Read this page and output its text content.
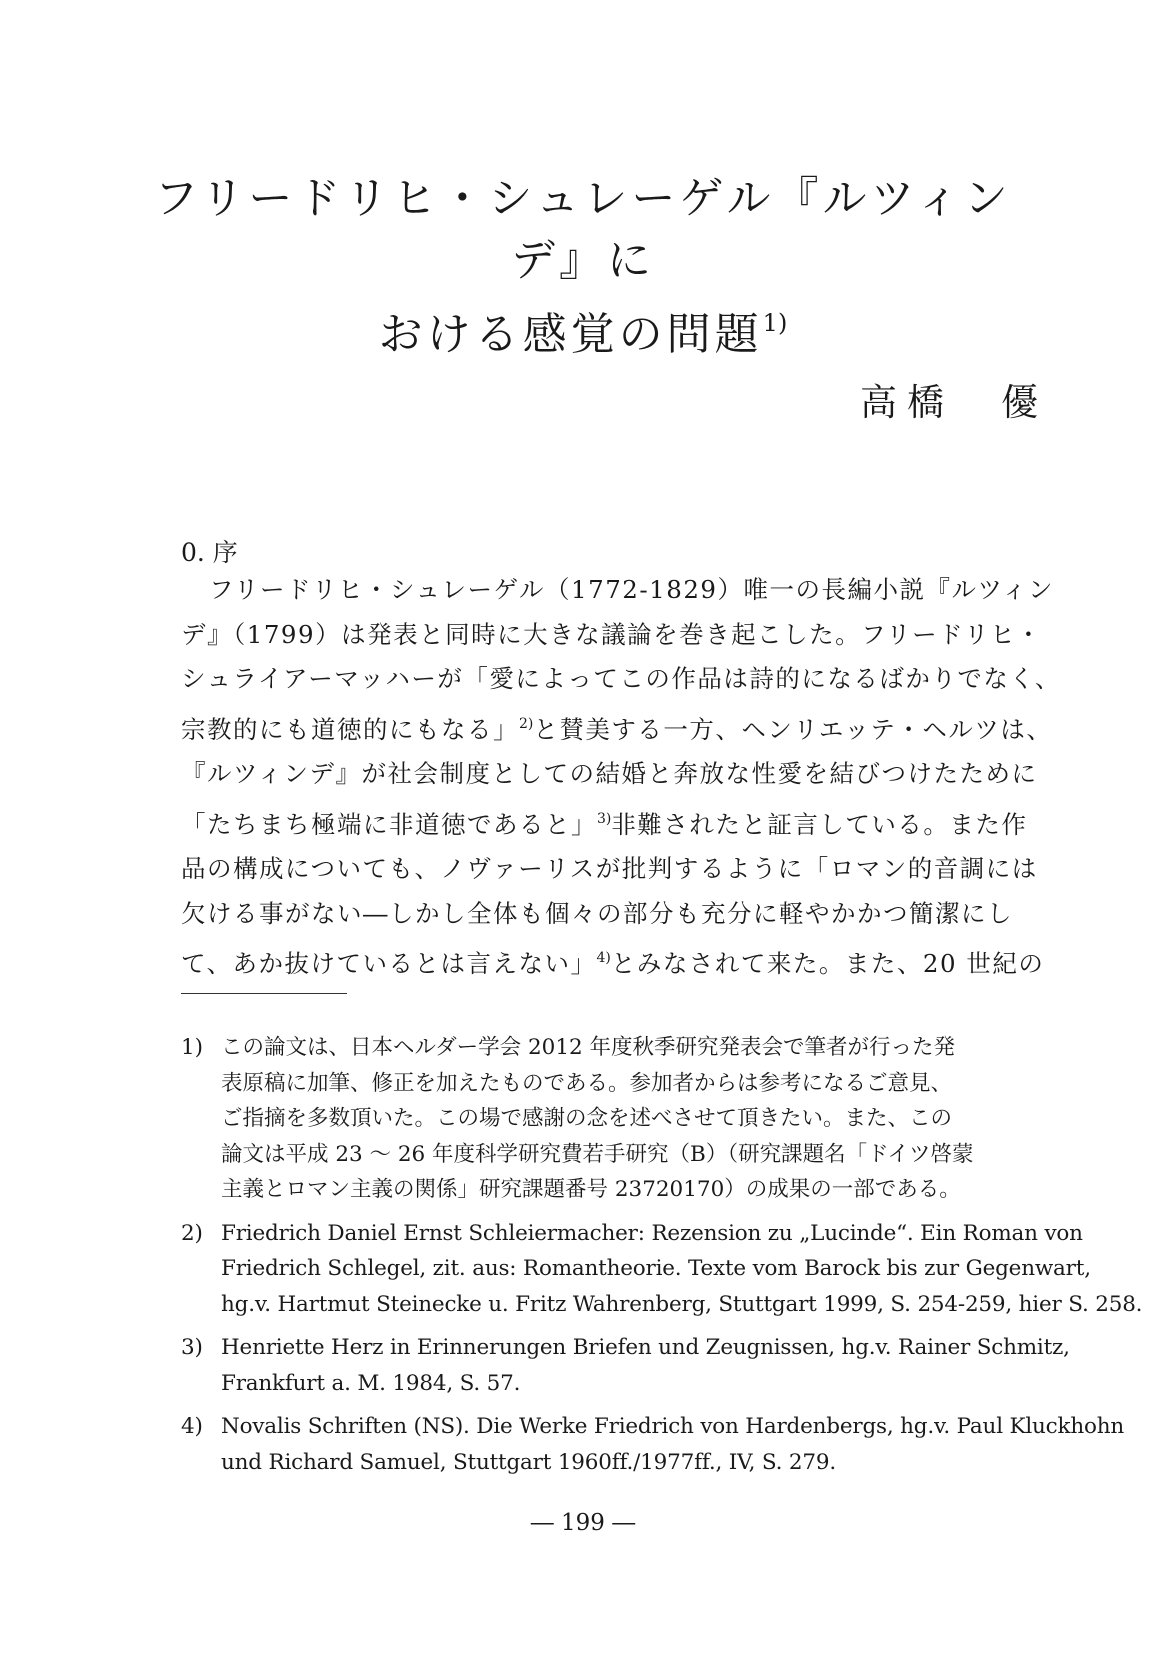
フリードリヒ・シュレーゲル『ルツィンデ』に
おける感覚の問題$^{1)}$
高橋　優
0. 序
フリードリヒ・シュレーゲル（1772-1829）唯一の長編小説『ルツィン
デ』（1799）は発表と同時に大きな議論を巻き起こした。フリードリヒ・
シュライアーマッハーが「愛によってこの作品は詩的になるばかりでなく、
宗教的にも道徳的にもなる」$^{2)}$と賛美する一方、ヘンリエッテ・ヘルツは、
『ルツィンデ』が社会制度としての結婚と奔放な性愛を結びつけたために
「たちまち極端に非道徳であると」$^{3)}$非難されたと証言している。また作
品の構成についても、ノヴァーリスが批判するように「ロマン的音調には
欠ける事がない―しかし全体も個々の部分も充分に軽やかかつ簡潔にし
て、あか抜けているとは言えない」$^{4)}$とみなされて来た。また、20 世紀の
1) この論文は、日本ヘルダー学会 2012 年度秋季研究発表会で筆者が行った発
表原稿に加筆、修正を加えたものである。参加者からは参考になるご意見、
ご指摘を多数頂いた。この場で感謝の念を述べさせて頂きたい。また、この
論文は平成 23 ～ 26 年度科学研究費若手研究（B）（研究課題名「ドイツ啓蒙
主義とロマン主義の関係」研究課題番号 23720170）の成果の一部である。
2) Friedrich Daniel Ernst Schleiermacher: Rezension zu „Lucinde“. Ein Roman von
Friedrich Schlegel, zit. aus: Romantheorie. Texte vom Barock bis zur Gegenwart,
hg.v. Hartmut Steinecke u. Fritz Wahrenberg, Stuttgart 1999, S. 254-259, hier S. 258.
3) Henriette Herz in Erinnerungen Briefen und Zeugnissen, hg.v. Rainer Schmitz,
Frankfurt a. M. 1984, S. 57.
4) Novalis Schriften (NS). Die Werke Friedrich von Hardenbergs, hg.v. Paul Kluckhohn
und Richard Samuel, Stuttgart 1960ff./1977ff., IV, S. 279.
― 199 ―
